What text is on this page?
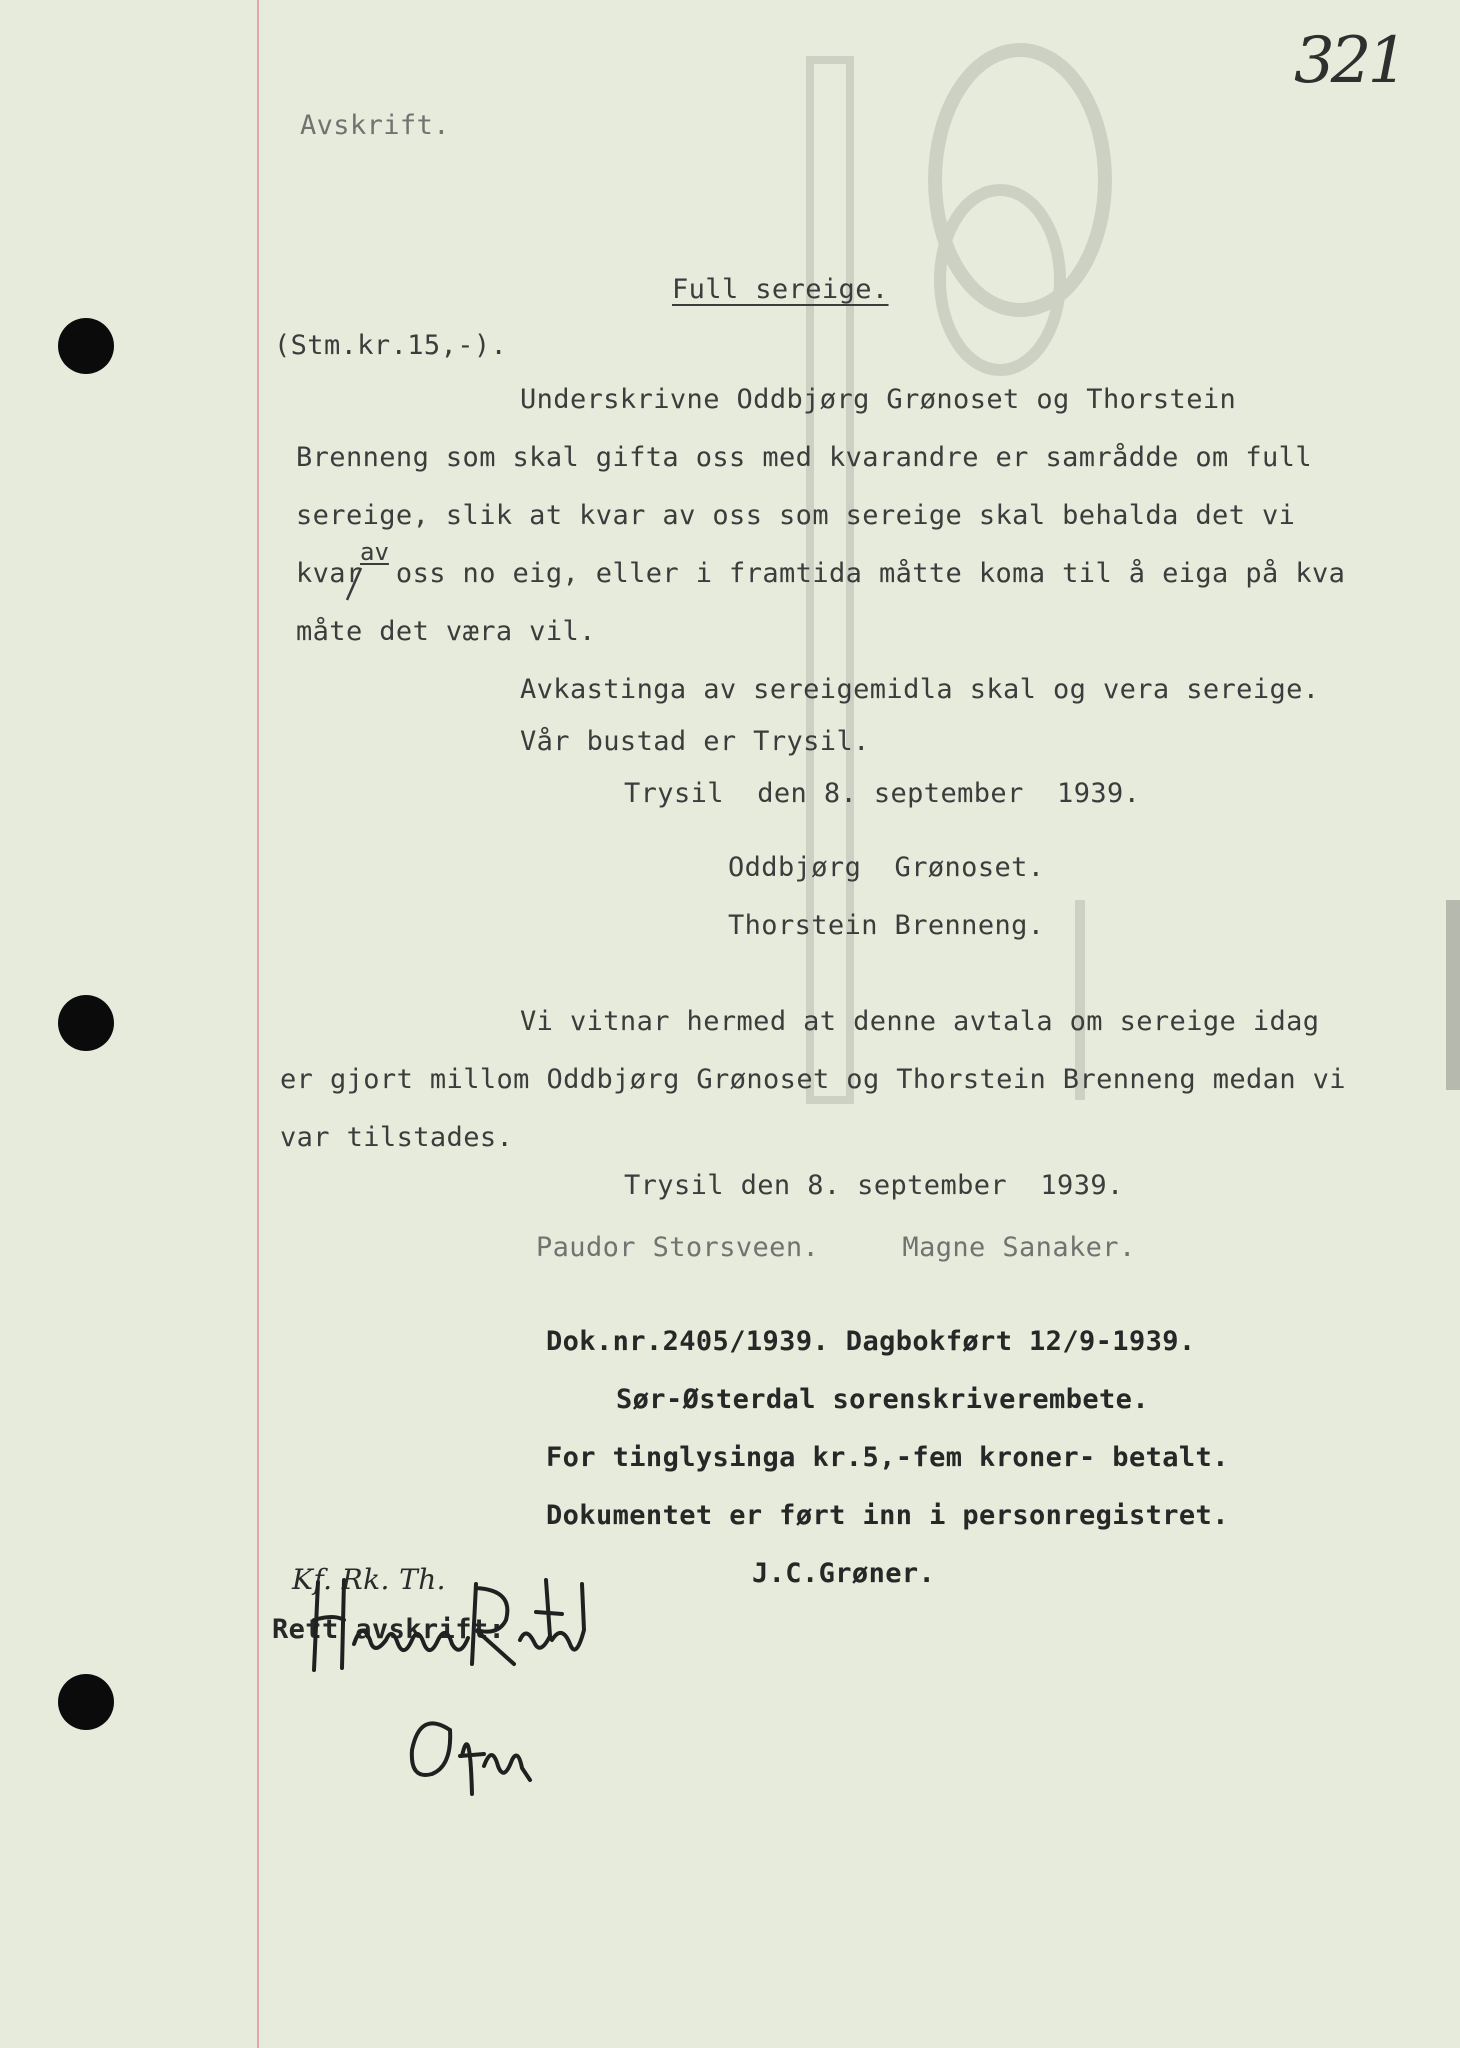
321
Avskrift.
Full sereige.
(Stm.kr.15,-).
Underskrivne Oddbjørg Grønoset og Thorstein
Brenneng som skal gifta oss med kvarandre er samrådde om full
sereige, slik at kvar av oss som sereige skal behalda det vi
av
kvar  oss no eig, eller i framtida måtte koma til å eiga på kva
måte det væra vil.
Avkastinga av sereigemidla skal og vera sereige.
Vår bustad er Trysil.
Trysil  den 8. september  1939.
Oddbjørg  Grønoset.
Thorstein Brenneng.
Vi vitnar hermed at denne avtala om sereige idag
er gjort millom Oddbjørg Grønoset og Thorstein Brenneng medan vi
var tilstades.
Trysil den 8. september  1939.
Paudor Storsveen.     Magne Sanaker.
Dok.nr.2405/1939. Dagbokført 12/9-1939.
Sør-Østerdal sorenskriverembete.
For tinglysinga kr.5,-fem kroner- betalt.
Dokumentet er ført inn i personregistret.
J.C.Grøner.
Kf. Rk. Th.
Rett avskrift:
